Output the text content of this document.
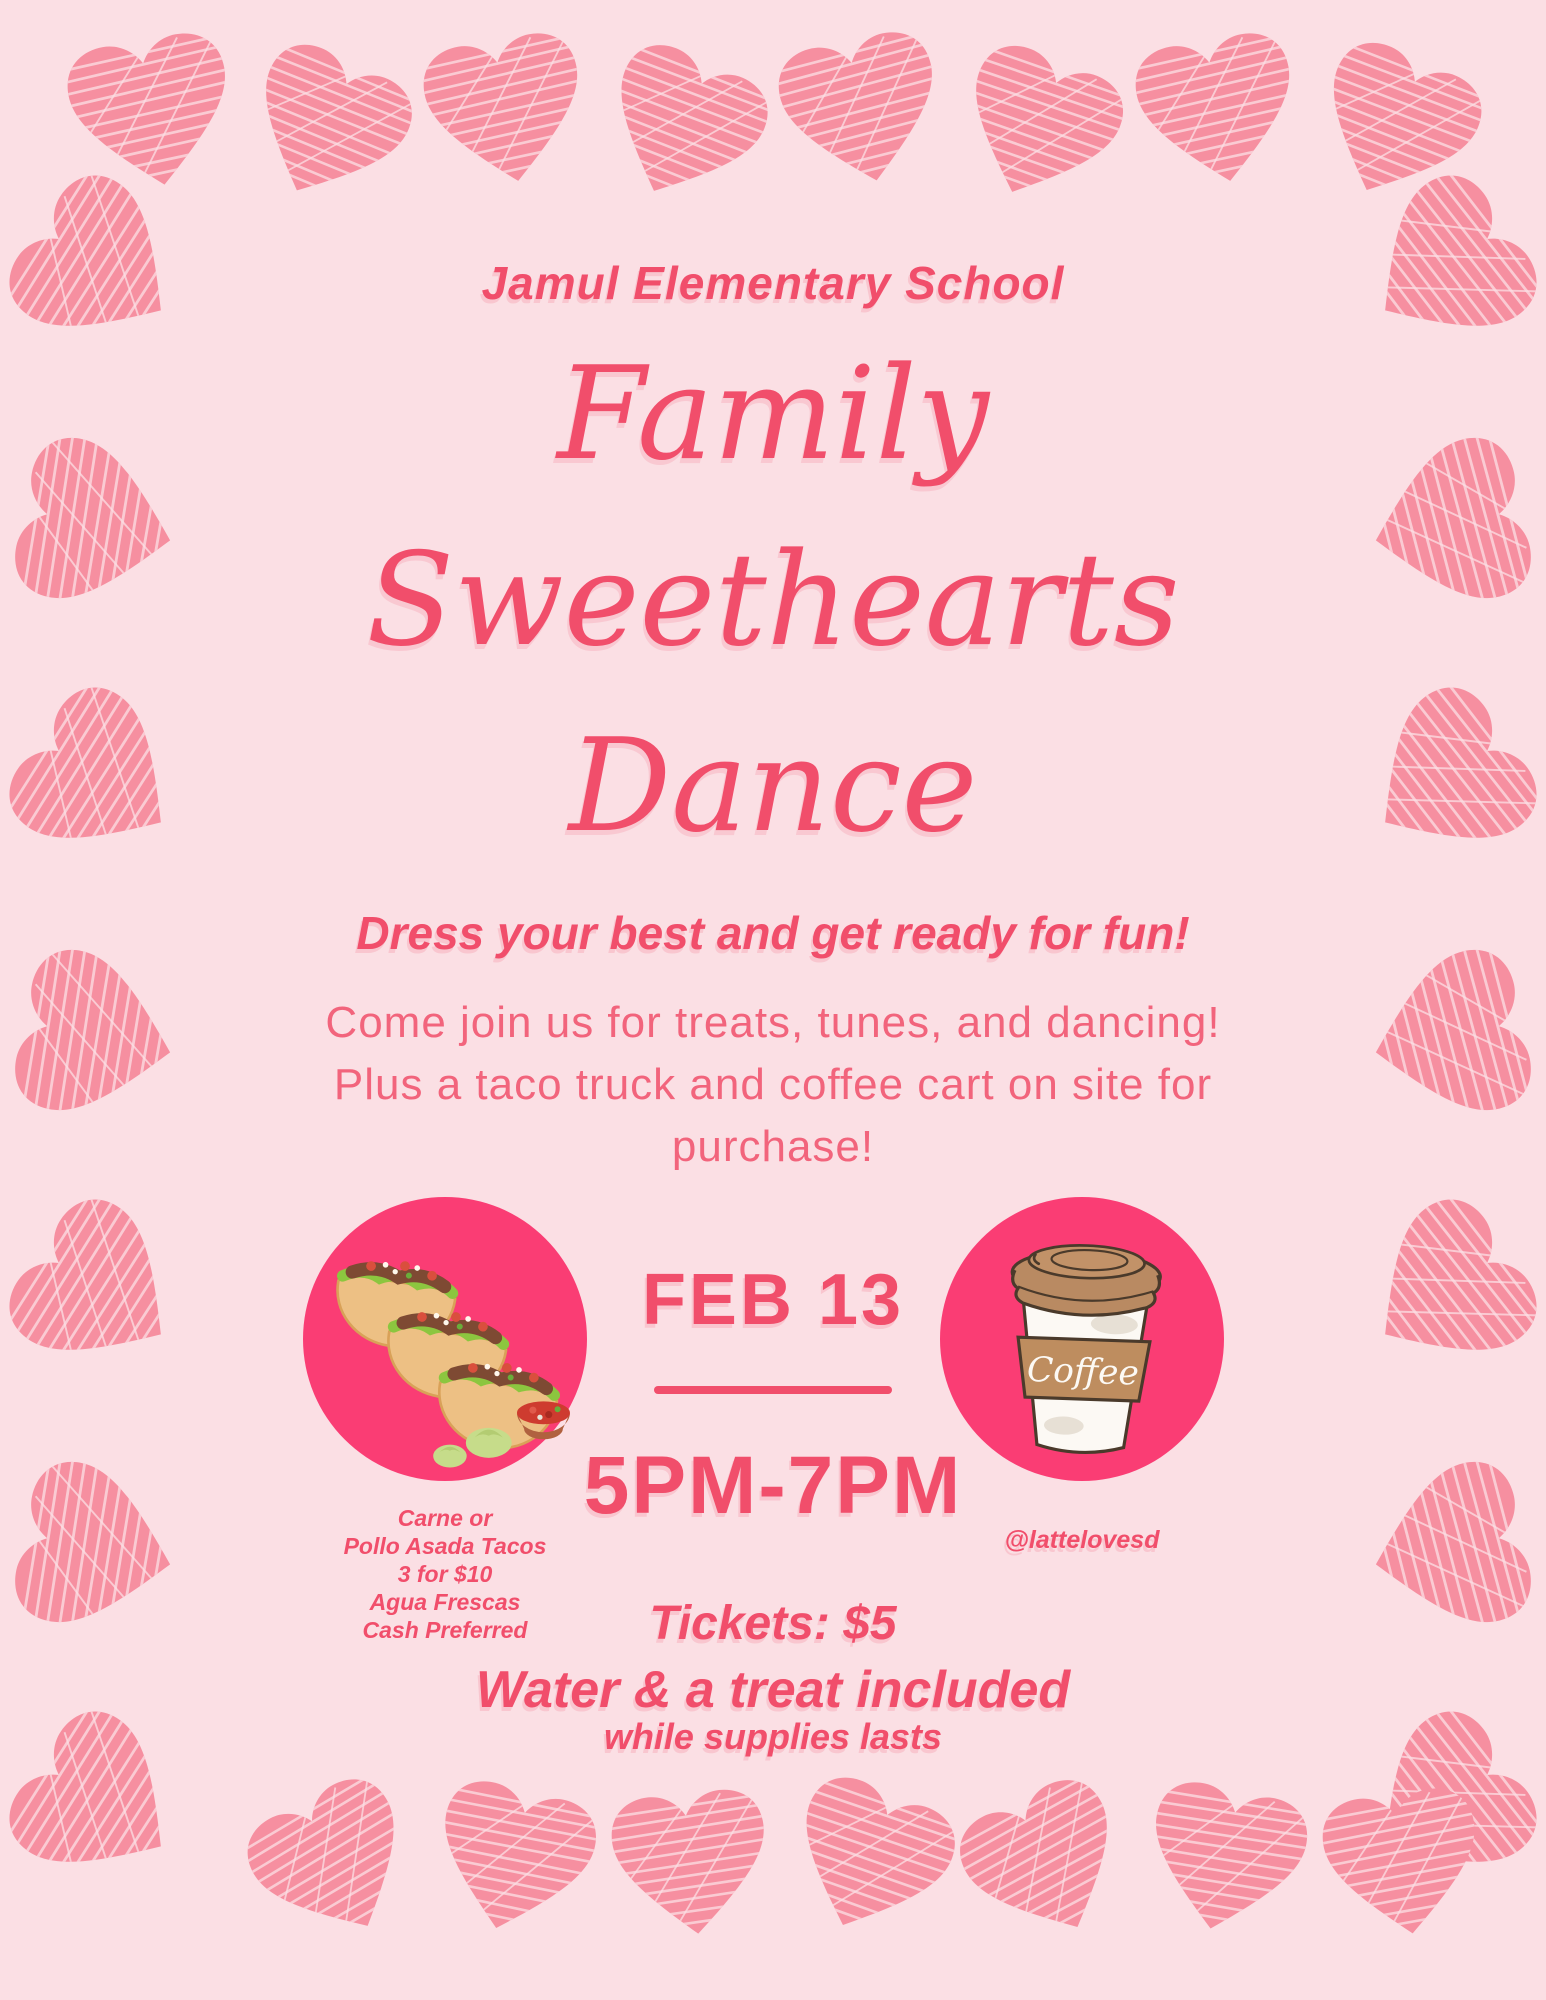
Jamul Elementary School
Family
Sweethearts
Dance
Dress your best and get ready for fun!
Come join us for treats, tunes, and dancing!
Plus a taco truck and coffee cart on site for
purchase!
FEB 13
5PM-7PM
Coffee
Carne or
Pollo Asada Tacos
3 for $10
Agua Frescas
Cash Preferred
@lattelovesd
Tickets: $5
Water & a treat included
while supplies lasts
